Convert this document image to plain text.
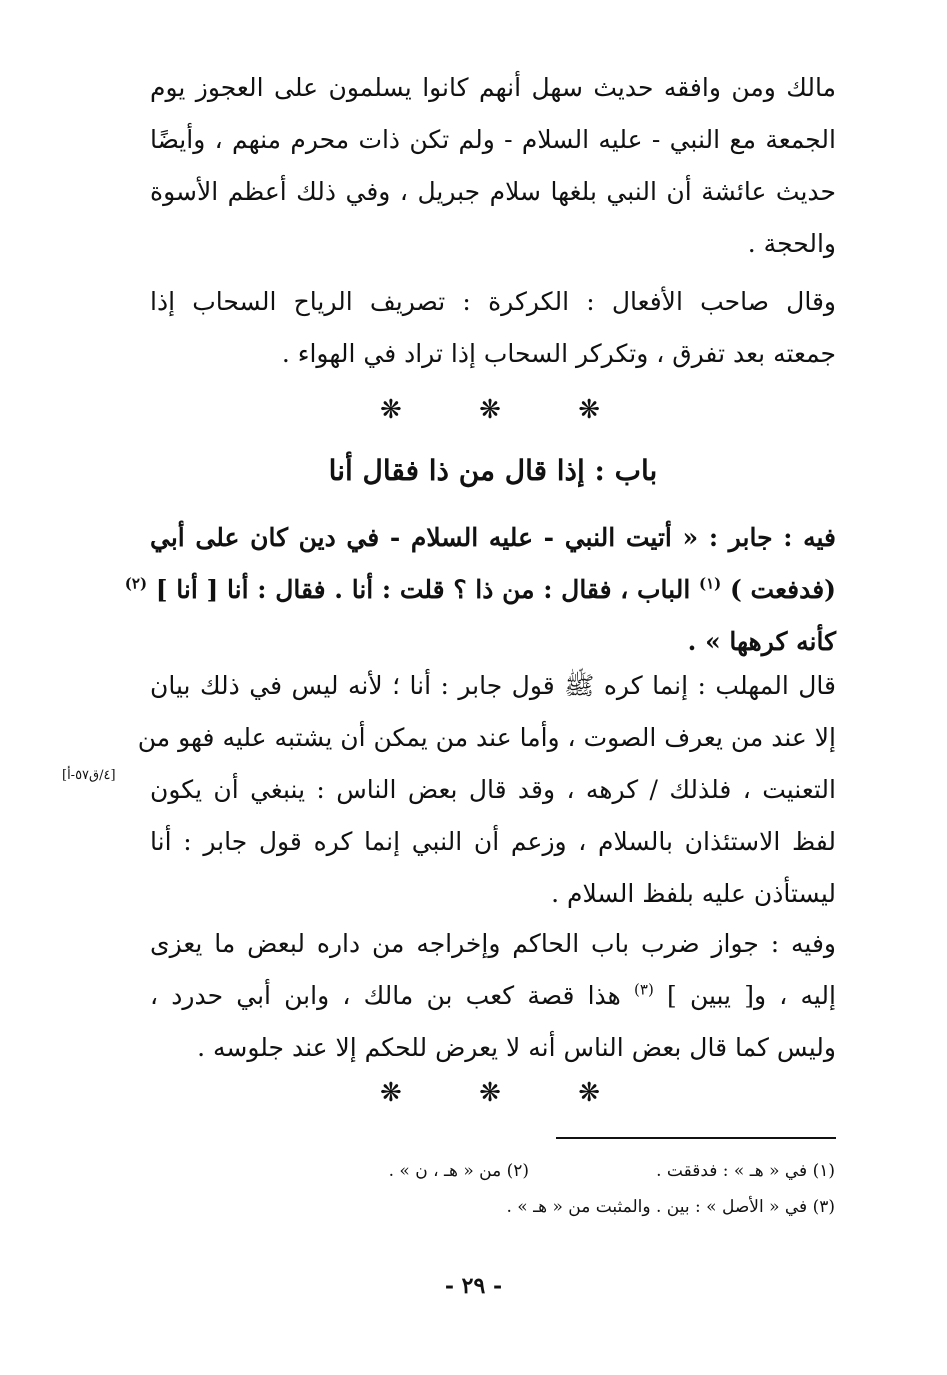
مالك ومن وافقه حديث سهل أنهم كانوا يسلمون على العجوز يوم
الجمعة مع النبي - عليه السلام - ولم تكن ذات محرم منهم ، وأيضًا
حديث عائشة أن النبي بلغها سلام جبريل ، وفي ذلك أعظم الأسوة
والحجة .
وقال صاحب الأفعال : الكركرة : تصريف الرياح السحاب إذا
جمعته بعد تفرق ، وتكركر السحاب إذا تراد في الهواء .
❋	❋	❋
باب : إذا قال من ذا فقال أنا
فيه : جابر : « أتيت النبي - عليه السلام - في دين كان على أبي
(فدفعت ) $^{(١)}$ الباب ، فقال : من ذا ؟ قلت : أنا . فقال : أنا [ أنا ] $^{(٢)}$
كأنه كرهها » .
قال المهلب : إنما كره ﷺ قول جابر : أنا ؛ لأنه ليس في ذلك بيان
إلا عند من يعرف الصوت ، وأما عند من يمكن أن يشتبه عليه فهو من
التعنيت ، فلذلك / كرهه ، وقد قال بعض الناس : ينبغي أن يكون
لفظ الاستئذان بالسلام ، وزعم أن النبي إنما كره قول جابر : أنا
ليستأذن عليه بلفظ السلام .
[٤/ق٥٧-أ]
وفيه : جواز ضرب باب الحاكم وإخراجه من داره لبعض ما يعزى
إليه ، و[ يبين ] $^{(٣)}$ هذا قصة كعب بن مالك ، وابن أبي حدرد ،
وليس كما قال بعض الناس أنه لا يعرض للحكم إلا عند جلوسه .
❋	❋	❋
(١) في « هـ » : فدققت .
(٢) من « هـ ، ن » .
(٣) في « الأصل » : بين . والمثبت من « هـ » .
- ٢٩ -
